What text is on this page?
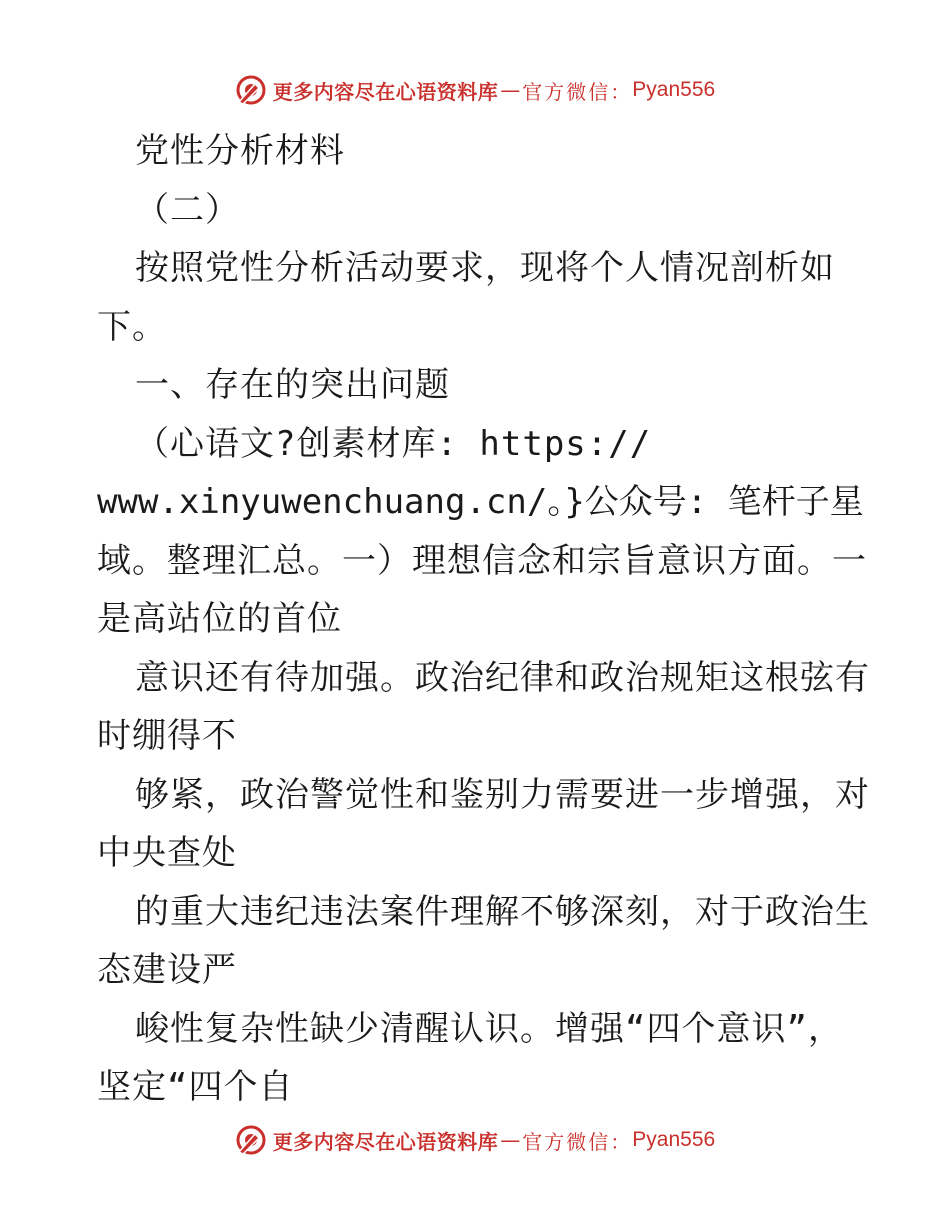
更多内容尽在心语资料库 — 官方微信： Pyan556
党性分析材料
（二）
按照党性分析活动要求，现将个人情况剖析如
下。
一、存在的突出问题
（心语文?创素材库: https://
www.xinyuwenchuang.cn/。}公众号: 笔杆子星
域。整理汇总。一）理想信念和宗旨意识方面。一
是高站位的首位
意识还有待加强。政治纪律和政治规矩这根弦有
时绷得不
够紧，政治警觉性和鉴别力需要进一步增强，对
中央查处
的重大违纪违法案件理解不够深刻，对于政治生
态建设严
峻性复杂性缺少清醒认识。增强“四个意识”，
坚定“四个自
更多内容尽在心语资料库 — 官方微信： Pyan556
